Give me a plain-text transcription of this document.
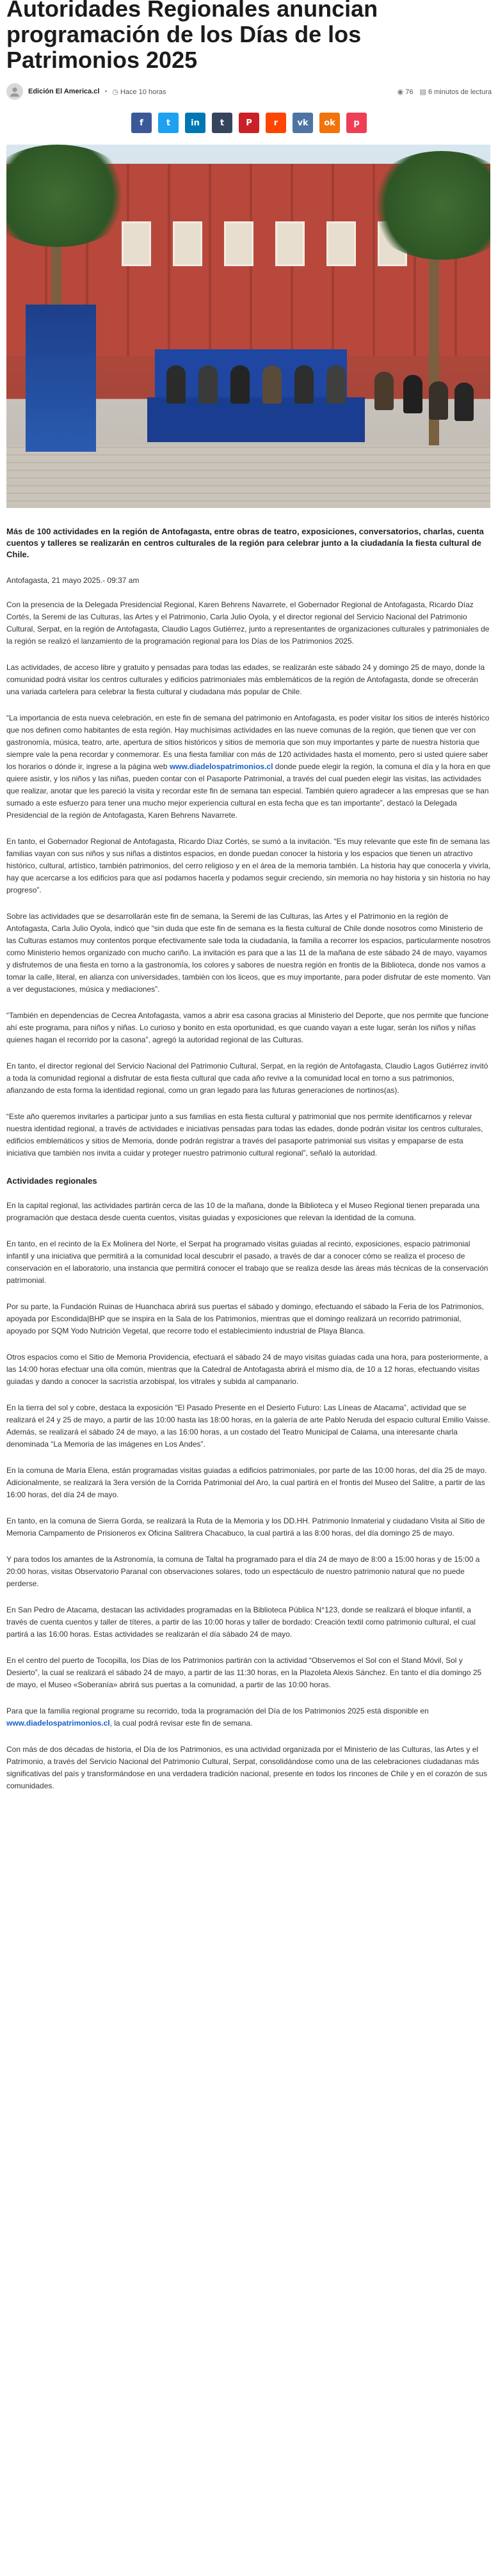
Autoridades Regionales anuncian programación de los Días de los Patrimonios 2025
Edición El America.cl • ◷ Hace 10 horas	◉ 76 ▤ 6 minutos de lectura
f	t in t	P	r vk ok p

Más de 100 actividades en la región de Antofagasta, entre obras de teatro, exposiciones, conversatorios, charlas, cuenta cuentos y talleres se realizarán en centros culturales de la región para celebrar junto a la ciudadanía la fiesta cultural de Chile.

Antofagasta, 21 mayo 2025.- 09:37 am

Con la presencia de la Delegada Presidencial Regional, Karen Behrens Navarrete, el Gobernador Regional de Antofagasta, Ricardo Díaz Cortés, la Seremi de las Culturas, las Artes y el Patrimonio, Carla Julio Oyola, y el director regional del Servicio Nacional del Patrimonio Cultural, Serpat, en la región de Antofagasta, Claudio Lagos Gutiérrez, junto a representantes de organizaciones culturales y patrimoniales de la región se realizó el lanzamiento de la programación regional para los Días de los Patrimonios 2025.

Las actividades, de acceso libre y gratuito y pensadas para todas las edades, se realizarán este sábado 24 y domingo 25 de mayo, donde la comunidad podrá visitar los centros culturales y edificios patrimoniales más emblemáticos de la región de Antofagasta, donde se ofrecerán una variada cartelera para celebrar la fiesta cultural y ciudadana más popular de Chile.

“La importancia de esta nueva celebración, en este fin de semana del patrimonio en Antofagasta, es poder visitar los sitios de interés histórico que nos definen como habitantes de esta región. Hay muchísimas actividades en las nueve comunas de la región, que tienen que ver con gastronomía, música, teatro, arte, apertura de sitios históricos y sitios de memoria que son muy importantes y parte de nuestra historia que siempre vale la pena recordar y conmemorar. Es una fiesta familiar con más de 120 actividades hasta el momento, pero si usted quiere saber los horarios o dónde ir, ingrese a la página web www.diadelospatrimonios.cl donde puede elegir la región, la comuna el día y la hora en que quiere asistir, y los niños y las niñas, pueden contar con el Pasaporte Patrimonial, a través del cual pueden elegir las visitas, las actividades que realizar, anotar que les pareció la visita y recordar este fin de semana tan especial. También quiero agradecer a las empresas que se han sumado a este esfuerzo para tener una mucho mejor experiencia cultural en esta fecha que es tan importante”, destacó la Delegada Presidencial de la región de Antofagasta, Karen Behrens Navarrete.

En tanto, el Gobernador Regional de Antofagasta, Ricardo Díaz Cortés, se sumó a la invitación. “Es muy relevante que este fin de semana las familias vayan con sus niños y sus niñas a distintos espacios, en donde puedan conocer la historia y los espacios que tienen un atractivo histórico, cultural, artístico, también patrimonios, del cerro religioso y en el área de la memoria también. La historia hay que conocerla y vivirla, hay que acercarse a los edificios para que así podamos hacerla y podamos seguir creciendo, sin memoria no hay historia y sin historia no hay progreso”.

Sobre las actividades que se desarrollarán este fin de semana, la Seremi de las Culturas, las Artes y el Patrimonio en la región de Antofagasta, Carla Julio Oyola, indicó que “sin duda que este fin de semana es la fiesta cultural de Chile donde nosotros como Ministerio de las Culturas estamos muy contentos porque efectivamente sale toda la ciudadanía, la familia a recorrer los espacios, particularmente nosotros como Ministerio hemos organizado con mucho cariño. La invitación es para que a las 11 de la mañana de este sábado 24 de mayo, vayamos y disfrutemos de una fiesta en torno a la gastronomía, los colores y sabores de nuestra región en frontis de la Biblioteca, donde nos vamos a tomar la calle, literal, en alianza con universidades, también con los liceos, que es muy importante, para poder disfrutar de este momento. Van a ver degustaciones, música y mediaciones”.

“También en dependencias de Cecrea Antofagasta, vamos a abrir esa casona gracias al Ministerio del Deporte, que nos permite que funcione ahí este programa, para niños y niñas. Lo curioso y bonito en esta oportunidad, es que cuando vayan a este lugar, serán los niños y niñas quienes hagan el recorrido por la casona”, agregó la autoridad regional de las Culturas.

En tanto, el director regional del Servicio Nacional del Patrimonio Cultural, Serpat, en la región de Antofagasta, Claudio Lagos Gutiérrez invitó a toda la comunidad regional a disfrutar de esta fiesta cultural que cada año revive a la comunidad local en torno a sus patrimonios, afianzando de esta forma la identidad regional, como un gran legado para las futuras generaciones de nortinos(as).

“Este año queremos invitarles a participar junto a sus familias en esta fiesta cultural y patrimonial que nos permite identificarnos y relevar nuestra identidad regional, a través de actividades e iniciativas pensadas para todas las edades, donde podrán visitar los centros culturales, edificios emblemáticos y sitios de Memoria, donde podrán registrar a través del pasaporte patrimonial sus visitas y empaparse de esta iniciativa que también nos invita a cuidar y proteger nuestro patrimonio cultural regional”, señaló la autoridad.

Actividades regionales

En la capital regional, las actividades partirán cerca de las 10 de la mañana, donde la Biblioteca y el Museo Regional tienen preparada una programación que destaca desde cuenta cuentos, visitas guiadas y exposiciones que relevan la identidad de la comuna.

En tanto, en el recinto de la Ex Molinera del Norte, el Serpat ha programado visitas guiadas al recinto, exposiciones, espacio patrimonial infantil y una iniciativa que permitirá a la comunidad local descubrir el pasado, a través de dar a conocer cómo se realiza el proceso de conservación en el laboratorio, una instancia que permitirá conocer el trabajo que se realiza desde las áreas más técnicas de la conservación patrimonial.

Por su parte, la Fundación Ruinas de Huanchaca abrirá sus puertas el sábado y domingo, efectuando el sábado la Feria de los Patrimonios, apoyada por Escondida|BHP que se inspira en la Sala de los Patrimonios, mientras que el domingo realizará un recorrido patrimonial, apoyado por SQM Yodo Nutrición Vegetal, que recorre todo el establecimiento industrial de Playa Blanca.

Otros espacios como el Sitio de Memoria Providencia, efectuará el sábado 24 de mayo visitas guiadas cada una hora, para posteriormente, a las 14:00 horas efectuar una olla común, mientras que la Catedral de Antofagasta abrirá el mismo día, de 10 a 12 horas, efectuando visitas guiadas y dando a conocer la sacristía arzobispal, los vitrales y subida al campanario.

En la tierra del sol y cobre, destaca la exposición “El Pasado Presente en el Desierto Futuro: Las Líneas de Atacama”, actividad que se realizará el 24 y 25 de mayo, a partir de las 10:00 hasta las 18:00 horas, en la galería de arte Pablo Neruda del espacio cultural Emilio Vaisse. Además, se realizará el sábado 24 de mayo, a las 16:00 horas, a un costado del Teatro Municipal de Calama, una interesante charla denominada “La Memoria de las imágenes en Los Andes”.

En la comuna de María Elena, están programadas visitas guiadas a edificios patrimoniales, por parte de las 10:00 horas, del día 25 de mayo. Adicionalmente, se realizará la 3era versión de la Corrida Patrimonial del Aro, la cual partirá en el frontis del Museo del Salitre, a partir de las 16:00 horas, del día 24 de mayo.

En tanto, en la comuna de Sierra Gorda, se realizará la Ruta de la Memoria y los DD.HH. Patrimonio Inmaterial y ciudadano Visita al Sitio de Memoria Campamento de Prisioneros ex Oficina Salitrera Chacabuco, la cual partirá a las 8:00 horas, del día domingo 25 de mayo.

Y para todos los amantes de la Astronomía, la comuna de Taltal ha programado para el día 24 de mayo de 8:00 a 15:00 horas y de 15:00 a 20:00 horas, visitas Observatorio Paranal con observaciones solares, todo un espectáculo de nuestro patrimonio natural que no puede perderse.

En San Pedro de Atacama, destacan las actividades programadas en la Biblioteca Pública N°123, donde se realizará el bloque infantil, a través de cuenta cuentos y taller de títeres, a partir de las 10:00 horas y taller de bordado: Creación textil como patrimonio cultural, el cual partirá a las 16:00 horas. Estas actividades se realizarán el día sábado 24 de mayo.

En el centro del puerto de Tocopilla, los Días de los Patrimonios partirán con la actividad “Observemos el Sol con el Stand Móvil, Sol y Desierto”, la cual se realizará el sábado 24 de mayo, a partir de las 11:30 horas, en la Plazoleta Alexis Sánchez. En tanto el día domingo 25 de mayo, el Museo «Soberanía» abrirá sus puertas a la comunidad, a partir de las 10:00 horas.

Para que la familia regional programe su recorrido, toda la programación del Día de los Patrimonios 2025 está disponible en www.diadelospatrimonios.cl, la cual podrá revisar este fin de semana.

Con más de dos décadas de historia, el Día de los Patrimonios, es una actividad organizada por el Ministerio de las Culturas, las Artes y el Patrimonio, a través del Servicio Nacional del Patrimonio Cultural, Serpat, consolidándose como una de las celebraciones ciudadanas más significativas del país y transformándose en una verdadera tradición nacional, presente en todos los rincones de Chile y en el corazón de sus comunidades.
